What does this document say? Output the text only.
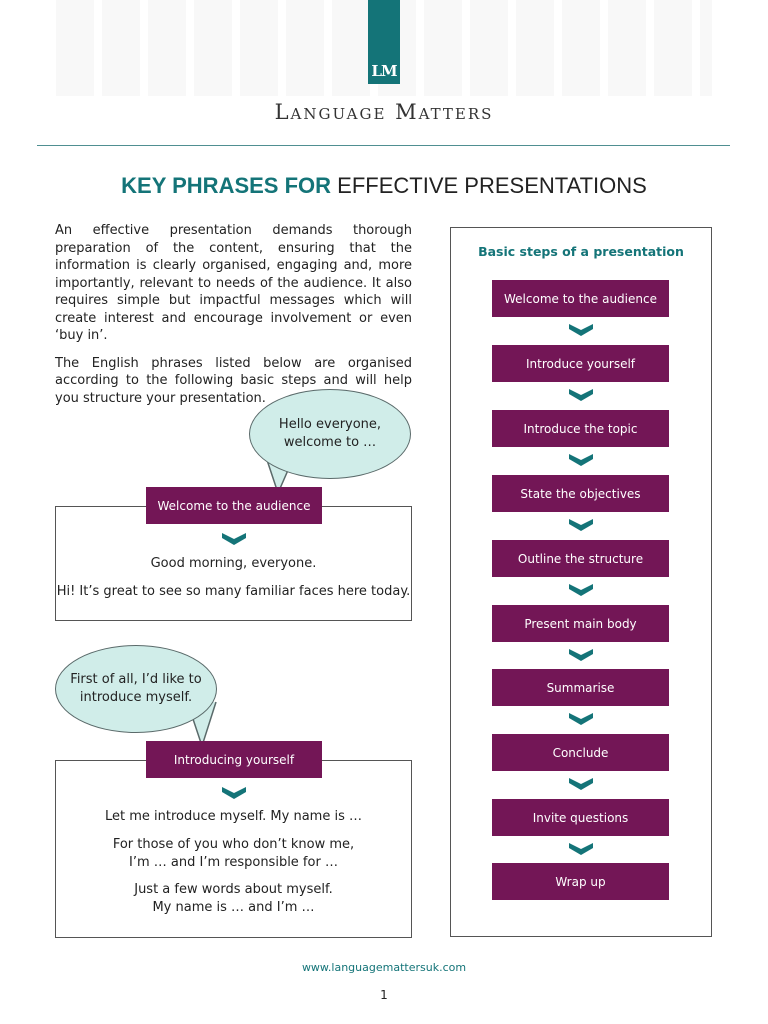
LM
Language Matters
KEY PHRASES FOR EFFECTIVE PRESENTATIONS

An effective presentation demands thorough preparation of the content, ensuring that the information is clearly organised, engaging and, more importantly, relevant to needs of the audience. It also requires simple but impactful messages which will create interest and encourage involvement or even ‘buy in’.

The English phrases listed below are organised according to the following basic steps and will help you structure your presentation.

Hello everyone,
welcome to …
Welcome to the audience
Good morning, everyone.
Hi! It’s great to see so many familiar faces here today.
First of all, I’d like to
introduce myself.
Introducing yourself
Let me introduce myself. My name is …
For those of you who don’t know me,
I’m … and I’m responsible for …
Just a few words about myself.
My name is … and I’m …
Basic steps of a presentation
Welcome to the audience
Introduce yourself
Introduce the topic
State the objectives
Outline the structure
Present main body
Summarise
Conclude
Invite questions
Wrap up
www.languagemattersuk.com
1
